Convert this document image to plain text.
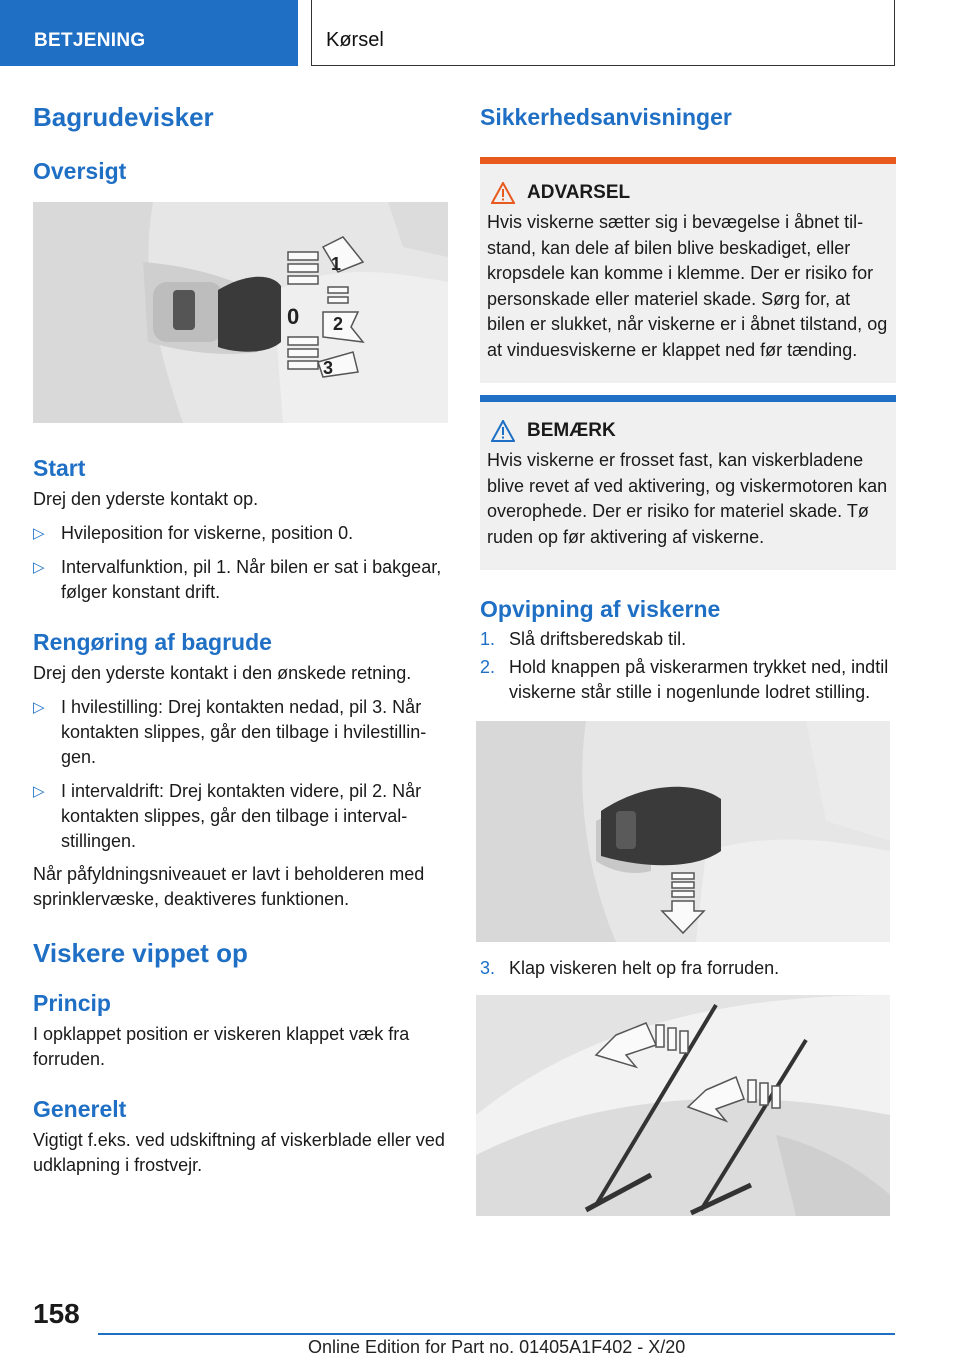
BETJENING	Kørsel
Bagrudevisker
Oversigt
1
0 2
3
Start
Drej den yderste kontakt op.
▷ Hvileposition for viskerne, position 0.
▷ Intervalfunktion, pil 1. Når bilen er sat i bakgear, følger konstant drift.
Rengøring af bagrude
Drej den yderste kontakt i den ønskede retning.
▷ I hvilestilling: Drej kontakten nedad, pil 3. Når kontakten slippes, går den tilbage i hvilestillingen.
▷ I intervaldrift: Drej kontakten videre, pil 2. Når kontakten slippes, går den tilbage i intervalstillingen.
Når påfyldningsniveauet er lavt i beholderen med sprinklervæske, deaktiveres funktionen.
Viskere vippet op
Princip
I opklappet position er viskeren klappet væk fra forruden.
Generelt
Vigtigt f.eks. ved udskiftning af viskerblade eller ved udklapning i frostvejr.
Sikkerhedsanvisninger
ADVARSEL
Hvis viskerne sætter sig i bevægelse i åbnet tilstand, kan dele af bilen blive beskadiget, eller kropsdele kan komme i klemme. Der er risiko for personskade eller materiel skade. Sørg for, at bilen er slukket, når viskerne er i åbnet tilstand, og at vinduesviskerne er klappet ned før tænding.
BEMÆRK
Hvis viskerne er frosset fast, kan viskerbladene blive revet af ved aktivering, og viskermotoren kan overophede. Der er risiko for materiel skade. Tø ruden op før aktivering af viskerne.
Opvipning af viskerne
1. Slå driftsberedskab til.
2. Hold knappen på viskerarmen trykket ned, indtil viskerne står stille i nogenlunde lodret stilling.
3. Klap viskeren helt op fra forruden.
158
Online Edition for Part no. 01405A1F402 - X/20
